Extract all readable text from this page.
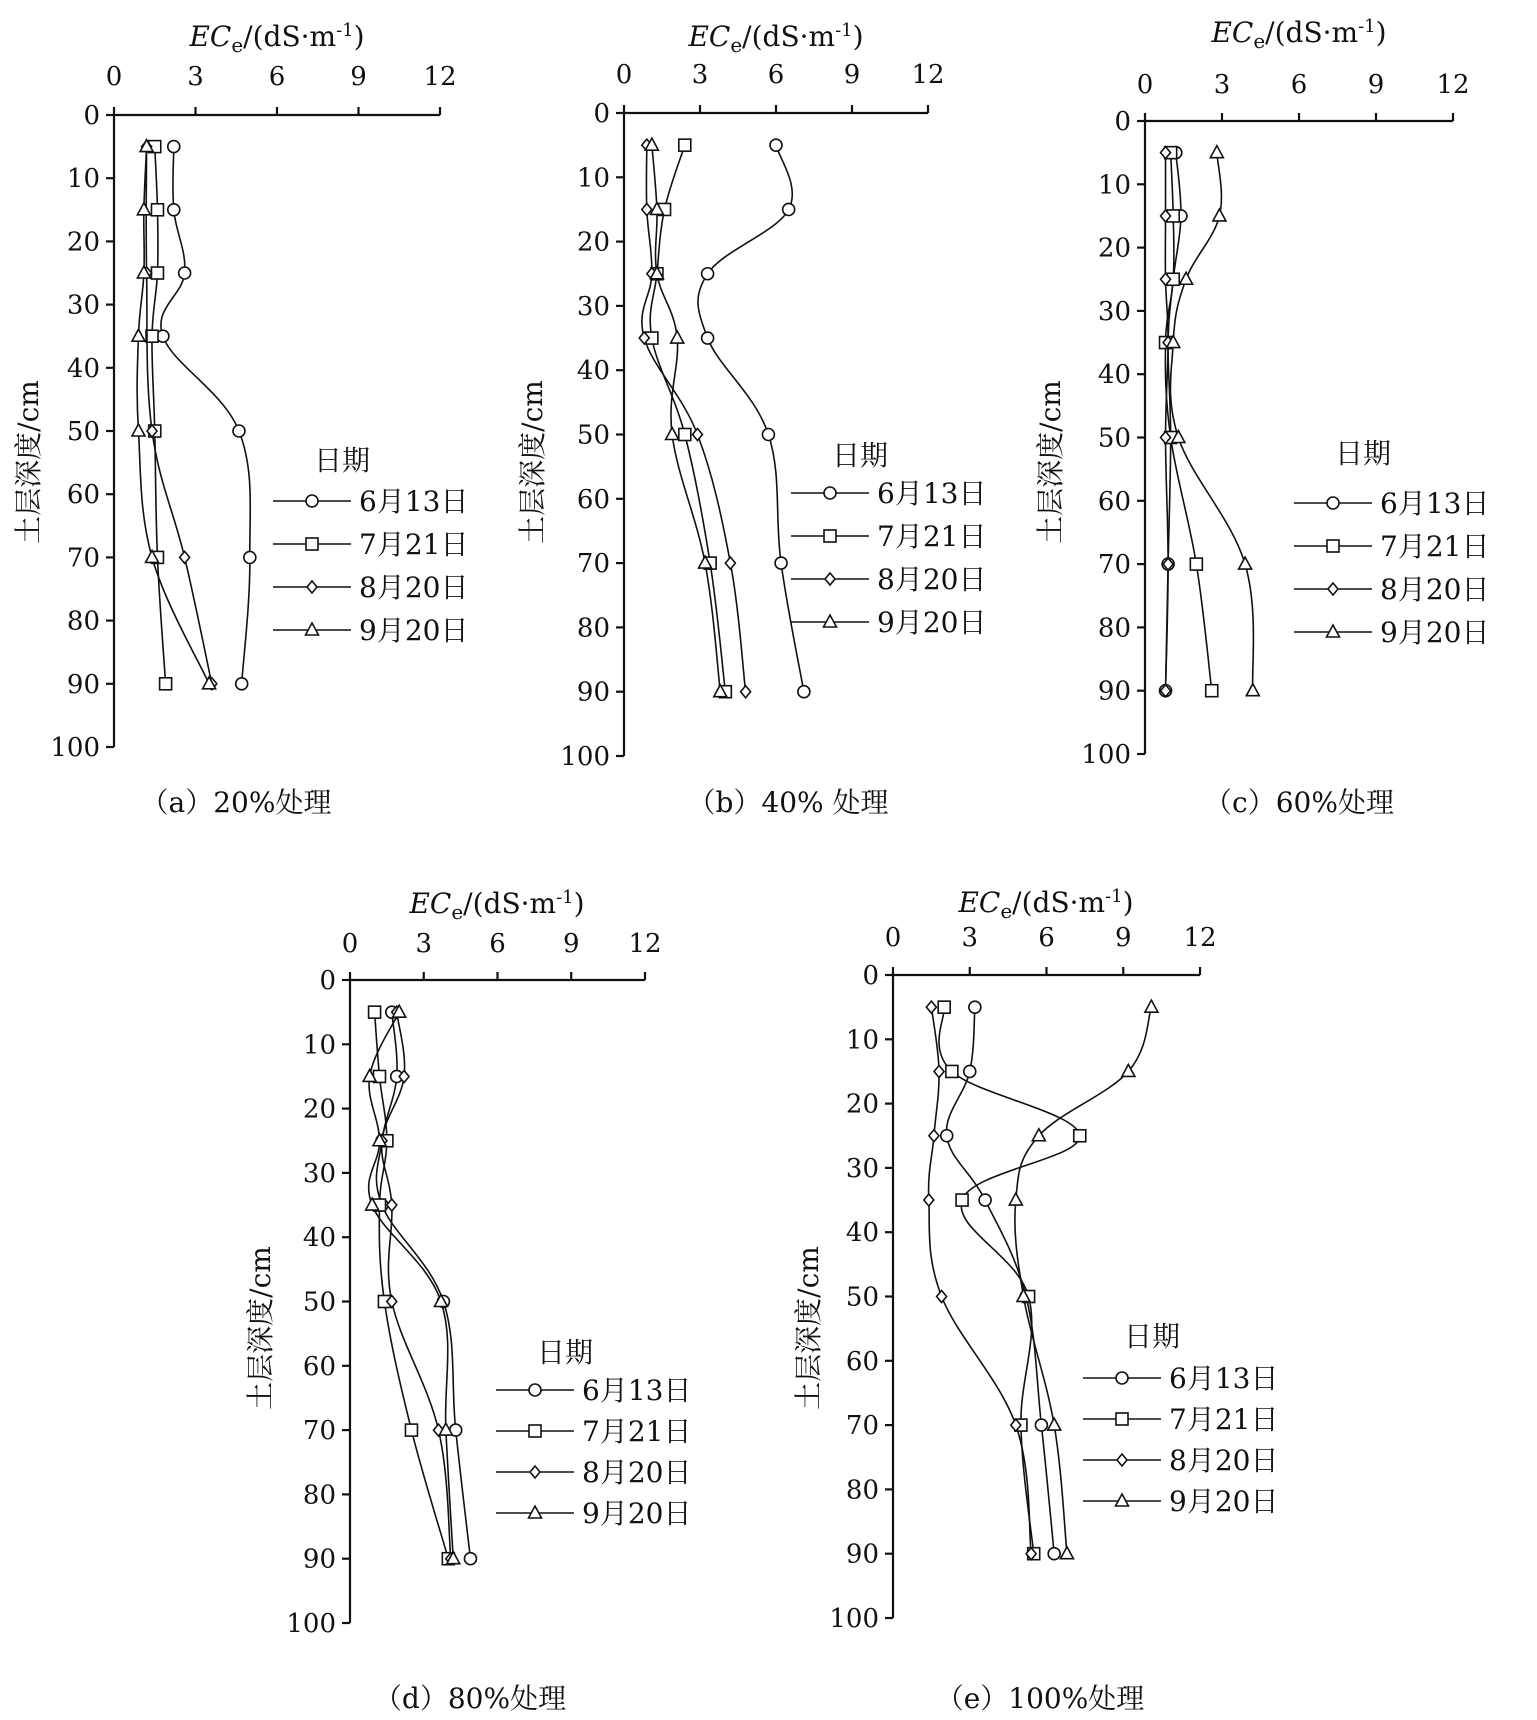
0 3 6 9 12
0
10
20
30
40
50
60
70
80
90
100
$EC_e/(dS\cdot m^{-1})$
土层深度/cm	日期
6月13日
7月21日
8月20日
9月20日
（a）20%处理
0 3 6 9 12
0
10
20
30
40
50
60
70
80
90
100
$EC_e/(dS\cdot m^{-1})$
土层深度/cm	日期
6月13日
7月21日
8月20日
9月20日
（b）40% 处理
0 3 6 9 12
0
10
20
30
40
50
60
70
80
90
100
$EC_e/(dS\cdot m^{-1})$
土层深度/cm	日期
6月13日
7月21日
8月20日
9月20日
（c）60%处理
0 3 6 9 12
0
10
20
30
40
50
60
70
80
90
100
$EC_e/(dS\cdot m^{-1})$
土层深度/cm	日期
6月13日
7月21日
8月20日
9月20日
（d）80%处理
0 3 6 9 12
0
10
20
30
40
50
60
70
80
90
100
$EC_e/(dS\cdot m^{-1})$
土层深度/cm	日期
6月13日
7月21日
8月20日
9月20日
（e）100%处理
